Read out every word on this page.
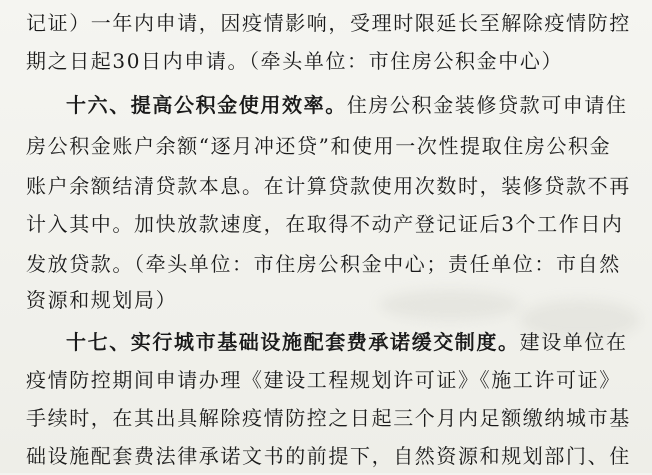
记证）一年内申请，因疫情影响，受理时限延长至解除疫情防控
期之日起30日内申请。（牵头单位：市住房公积金中心）
十六、提高公积金使用效率。住房公积金装修贷款可申请住
房公积金账户余额“逐月冲还贷”和使用一次性提取住房公积金
账户余额结清贷款本息。在计算贷款使用次数时，装修贷款不再
计入其中。加快放款速度，在取得不动产登记证后3个工作日内
发放贷款。（牵头单位：市住房公积金中心；责任单位：市自然
资源和规划局）
十七、实行城市基础设施配套费承诺缓交制度。建设单位在
疫情防控期间申请办理《建设工程规划许可证》《施工许可证》
手续时，在其出具解除疫情防控之日起三个月内足额缴纳城市基
础设施配套费法律承诺文书的前提下，自然资源和规划部门、住
